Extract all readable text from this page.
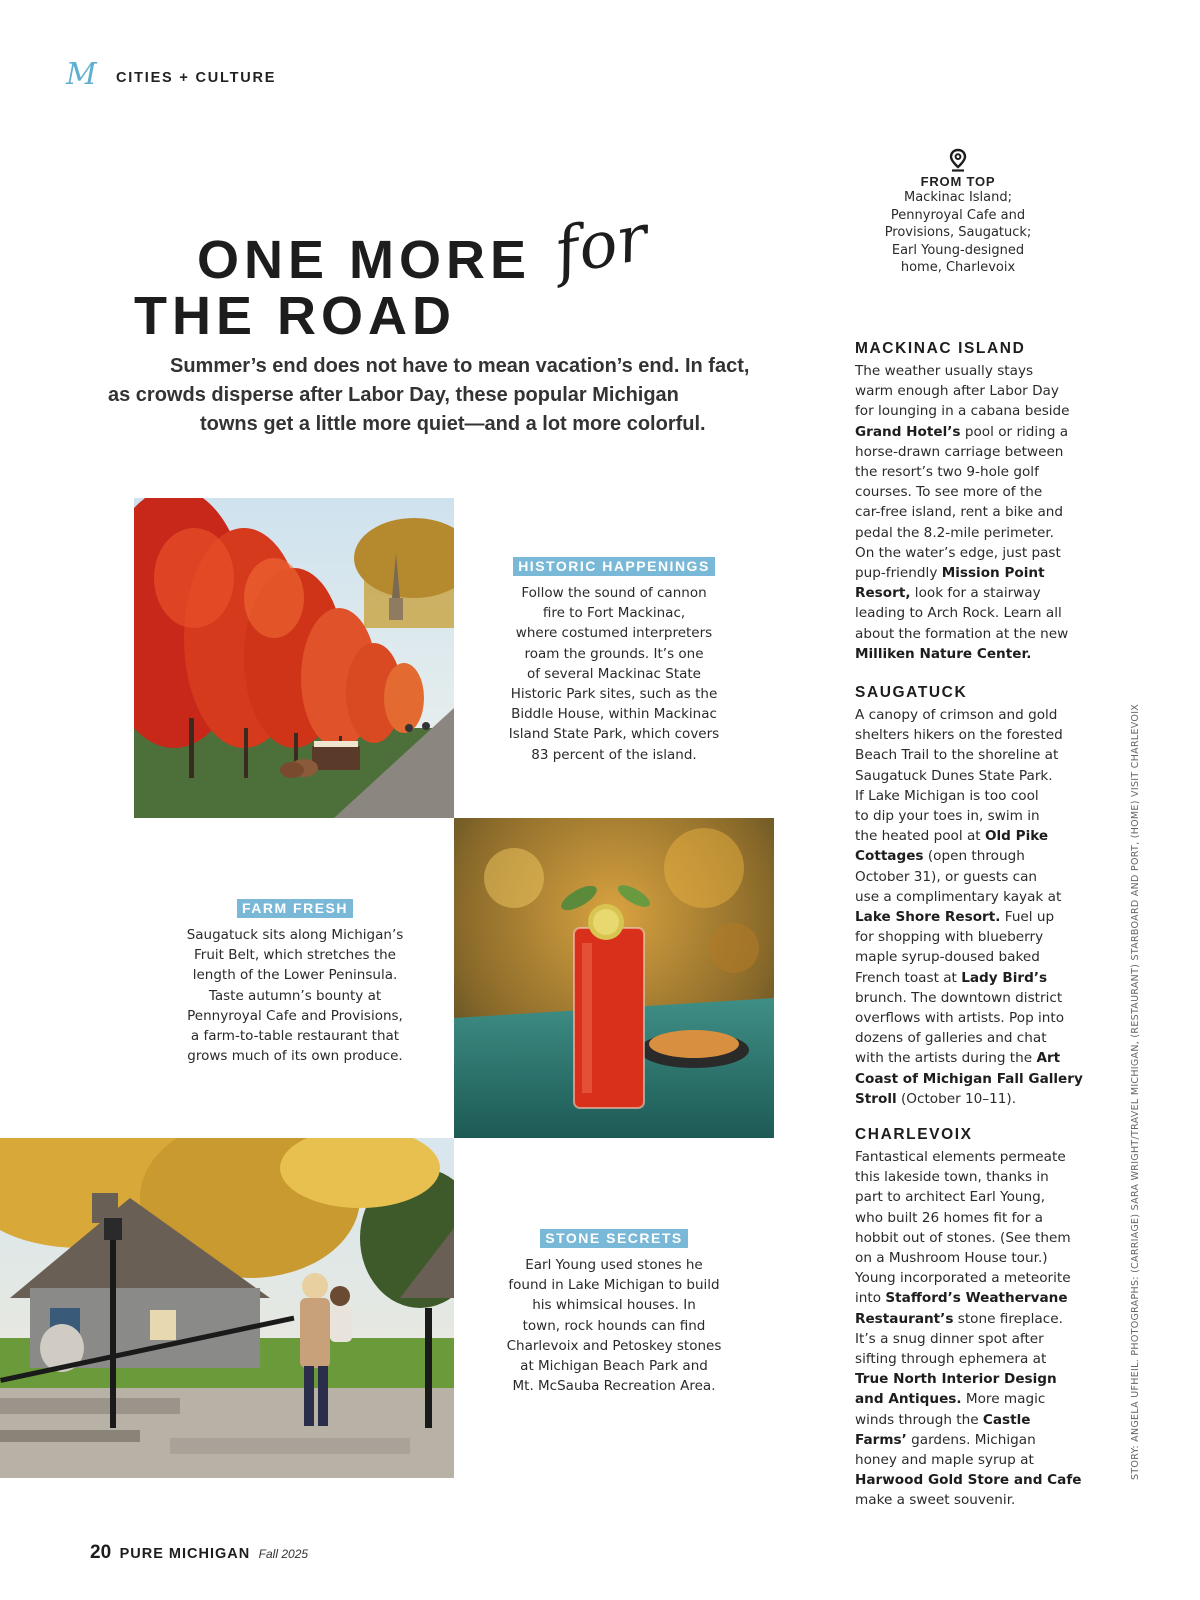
M CITIES + CULTURE
ONE MORE for
THE ROAD
Summer’s end does not have to mean vacation’s end. In fact,
as crowds disperse after Labor Day, these popular Michigan
towns get a little more quiet—and a lot more colorful.
HISTORIC HAPPENINGS
Follow the sound of cannon
fire to Fort Mackinac,
where costumed interpreters
roam the grounds. It’s one
of several Mackinac State
Historic Park sites, such as the
Biddle House, within Mackinac
Island State Park, which covers
83 percent of the island.
FARM FRESH
Saugatuck sits along Michigan’s
Fruit Belt, which stretches the
length of the Lower Peninsula.
Taste autumn’s bounty at
Pennyroyal Cafe and Provisions,
a farm-to-table restaurant that
grows much of its own produce.
STONE SECRETS
Earl Young used stones he
found in Lake Michigan to build
his whimsical houses. In
town, rock hounds can find
Charlevoix and Petoskey stones
at Michigan Beach Park and
Mt. McSauba Recreation Area.
FROM TOP
Mackinac Island;
Pennyroyal Cafe and
Provisions, Saugatuck;
Earl Young-designed
home, Charlevoix
MACKINAC ISLAND
The weather usually stays
warm enough after Labor Day
for lounging in a cabana beside
Grand Hotel’s pool or riding a
horse-drawn carriage between
the resort’s two 9-hole golf
courses. To see more of the
car-free island, rent a bike and
pedal the 8.2-mile perimeter.
On the water’s edge, just past
pup-friendly Mission Point
Resort, look for a stairway
leading to Arch Rock. Learn all
about the formation at the new
Milliken Nature Center.
SAUGATUCK
A canopy of crimson and gold
shelters hikers on the forested
Beach Trail to the shoreline at
Saugatuck Dunes State Park.
If Lake Michigan is too cool
to dip your toes in, swim in
the heated pool at Old Pike
Cottages (open through
October 31), or guests can
use a complimentary kayak at
Lake Shore Resort. Fuel up
for shopping with blueberry
maple syrup-doused baked
French toast at Lady Bird’s
brunch. The downtown district
overflows with artists. Pop into
dozens of galleries and chat
with the artists during the Art
Coast of Michigan Fall Gallery
Stroll (October 10–11).
CHARLEVOIX
Fantastical elements permeate
this lakeside town, thanks in
part to architect Earl Young,
who built 26 homes fit for a
hobbit out of stones. (See them
on a Mushroom House tour.)
Young incorporated a meteorite
into Stafford’s Weathervane
Restaurant’s stone fireplace.
It’s a snug dinner spot after
sifting through ephemera at
True North Interior Design
and Antiques. More magic
winds through the Castle
Farms’ gardens. Michigan
honey and maple syrup at
Harwood Gold Store and Cafe
make a sweet souvenir.
STORY: ANGELA UFHEIL. PHOTOGRAPHS: (CARRIAGE) SARA WRIGHT/TRAVEL MICHIGAN, (RESTAURANT) STARBOARD AND PORT, (HOME) VISIT CHARLEVOIX
20 PURE MICHIGAN Fall 2025
